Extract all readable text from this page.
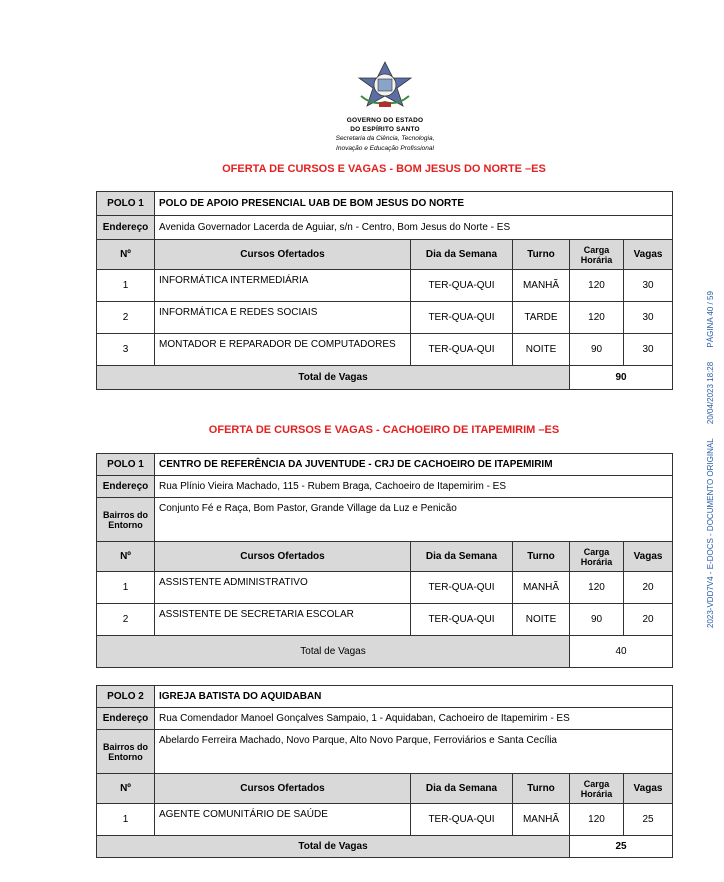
GOVERNO DO ESTADO
DO ESPÍRITO SANTO
Secretaria da Ciência, Tecnologia,
Inovação e Educação Profissional
OFERTA DE CURSOS E VAGAS - BOM JESUS DO NORTE –ES
POLO 1	POLO DE APOIO PRESENCIAL UAB DE BOM JESUS DO NORTE				
Endereço	Avenida Governador Lacerda de Aguiar, s/n - Centro, Bom Jesus do Norte - ES				
Nº	Cursos Ofertados	Dia da Semana	Turno	Carga Horária	Vagas
1	INFORMÁTICA INTERMEDIÁRIA	TER-QUA-QUI	MANHÃ	120	30
2	INFORMÁTICA E REDES SOCIAIS	TER-QUA-QUI	TARDE	120	30
3	MONTADOR E REPARADOR DE COMPUTADORES	TER-QUA-QUI	NOITE	90	30
Total de Vagas				90	
OFERTA DE CURSOS E VAGAS - CACHOEIRO DE ITAPEMIRIM –ES
POLO 1	CENTRO DE REFERÊNCIA DA JUVENTUDE - CRJ DE CACHOEIRO DE ITAPEMIRIM				
Endereço	Rua Plínio Vieira Machado, 115 - Rubem Braga, Cachoeiro de Itapemirim - ES				
Bairros do Entorno	Conjunto Fé e Raça, Bom Pastor, Grande Village da Luz e Penicão				
Nº	Cursos Ofertados	Dia da Semana	Turno	Carga Horária	Vagas
1	ASSISTENTE ADMINISTRATIVO	TER-QUA-QUI	MANHÃ	120	20
2	ASSISTENTE DE SECRETARIA ESCOLAR	TER-QUA-QUI	NOITE	90	20
Total de Vagas				40	
POLO 2	IGREJA BATISTA DO AQUIDABAN				
Endereço	Rua Comendador Manoel Gonçalves Sampaio, 1 - Aquidaban, Cachoeiro de Itapemirim - ES				
Bairros do Entorno	Abelardo Ferreira Machado, Novo Parque, Alto Novo Parque, Ferroviários e Santa Cecília				
Nº	Cursos Ofertados	Dia da Semana	Turno	Carga Horária	Vagas
1	AGENTE COMUNITÁRIO DE SAÚDE	TER-QUA-QUI	MANHÃ	120	25
Total de Vagas				25	
2023-VDD7V4 - E-DOCS - DOCUMENTO ORIGINAL 20/04/2023 18:28 PÁGINA 40 / 59
